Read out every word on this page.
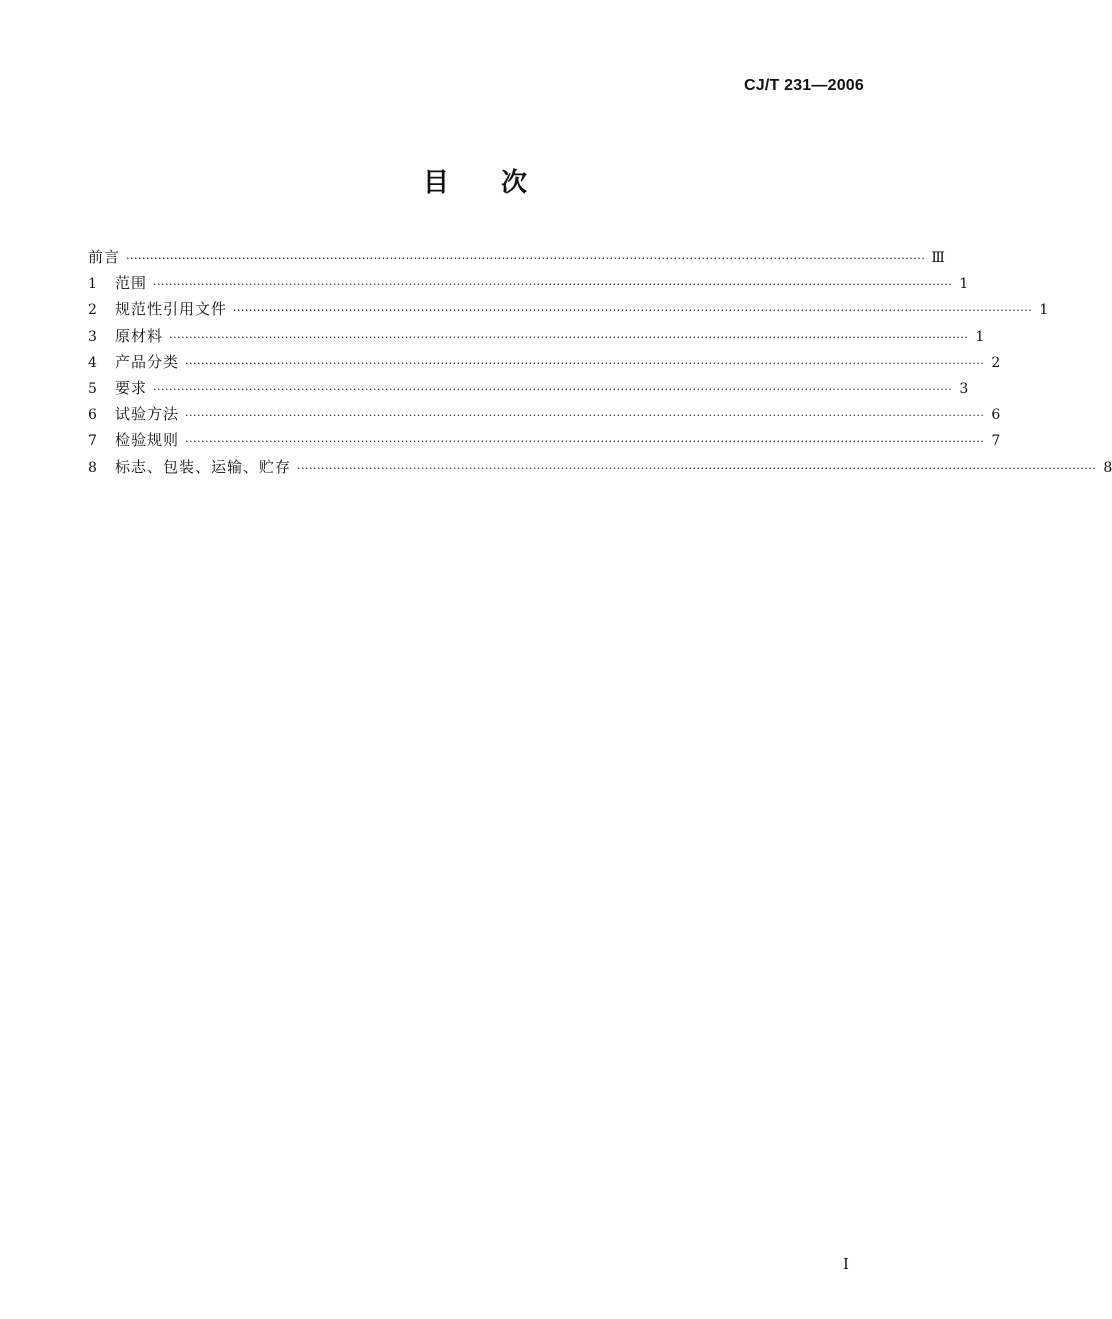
CJ/T 231—2006
目次
前言 ········································································································································································································ Ⅲ
1	范围 ········································································································································································································ 1
2	规范性引用文件 ········································································································································································································ 1
3	原材料 ········································································································································································································ 1
4	产品分类 ········································································································································································································ 2
5	要求 ········································································································································································································ 3
6	试验方法 ········································································································································································································ 6
7	检验规则 ········································································································································································································ 7
8	标志、包装、运输、贮存 ········································································································································································································ 8
I
